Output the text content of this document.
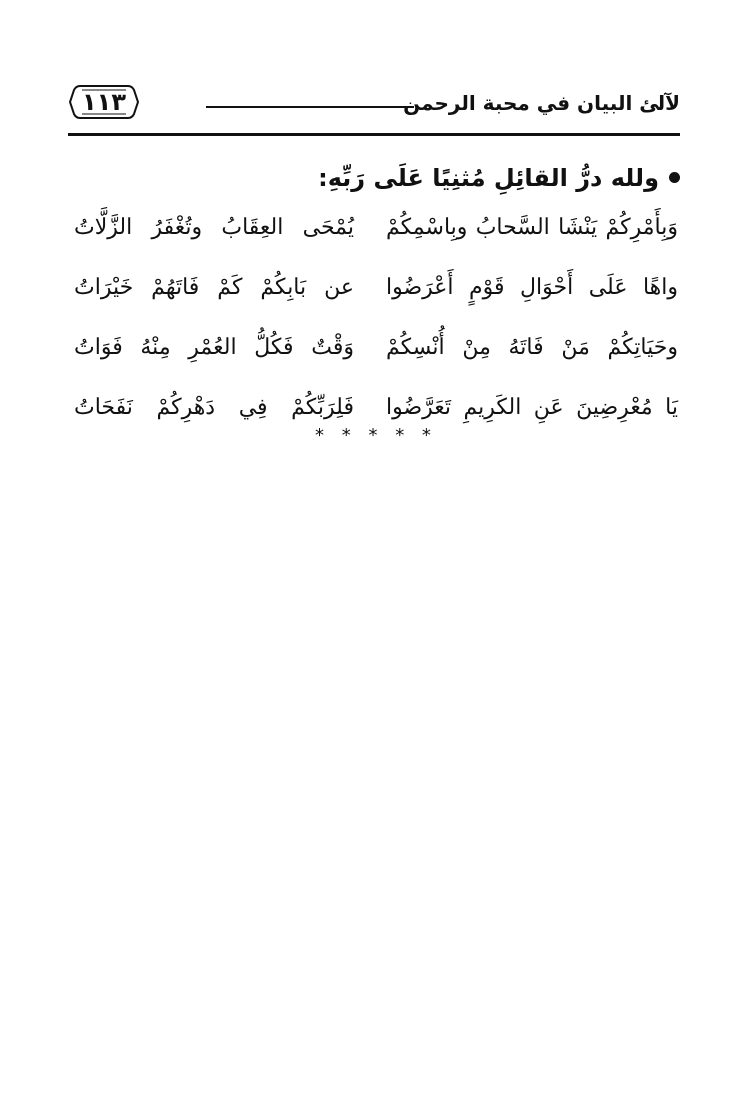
١١٣	لآلئ البيان في محبة الرحمن
ولله درُّ القائِلِ مُثنِيًا عَلَى رَبِّهِ:
وَبِأَمْرِكُمْ يَنْشَا السَّحابُ وبِاسْمِكُمْ
يُمْحَى العِقَابُ وتُغْفَرُ الزَّلَّاتُ
واهًا عَلَى أَحْوَالِ قَوْمٍ أَعْرَضُوا
عن بَابِكُمْ كَمْ فَاتَهُمْ خَيْرَاتُ
وحَيَاتِكُمْ مَنْ فَاتَهُ مِنْ أُنْسِكُمْ
وَقْتٌ فَكُلُّ العُمْرِ مِنْهُ فَوَاتُ
يَا مُعْرِضِينَ عَنِ الكَرِيمِ تَعَرَّضُوا
فَلِرَبِّكُمْ فِي دَهْرِكُمْ نَفَحَاتُ
* * * * *
